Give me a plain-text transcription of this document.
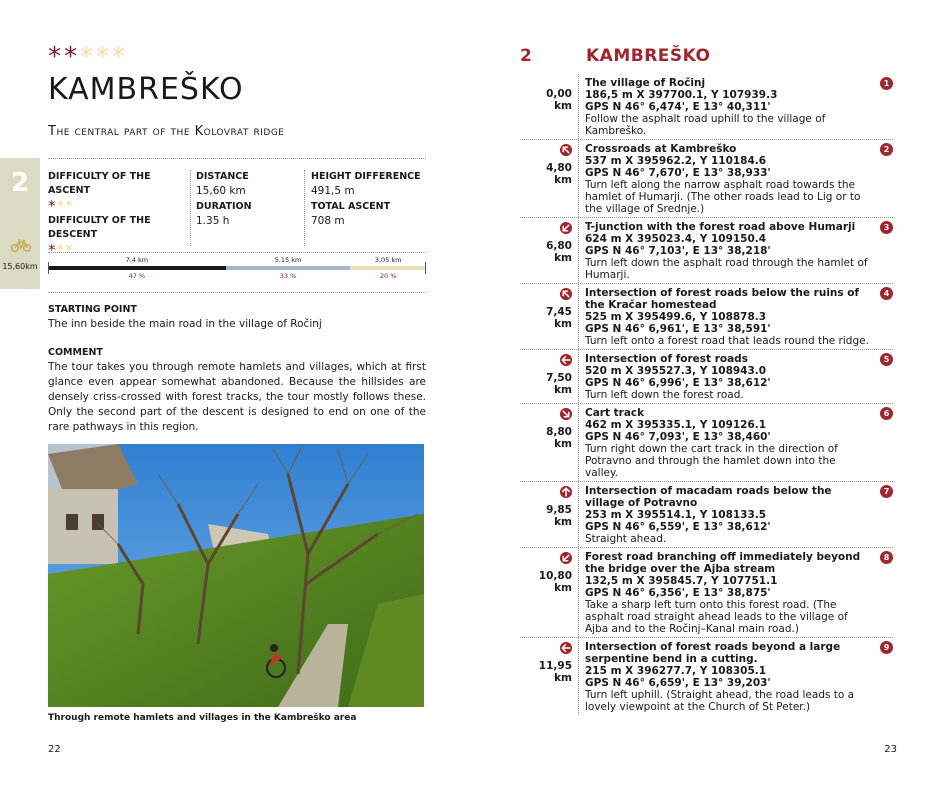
*****
KAMBREŠKO
The central part of the Kolovrat ridge
2
15,60km
DIFFICULTY OF THE ASCENT
***
DIFFICULTY OF THE DESCENT
***
DISTANCE
15,60 km
DURATION
1.35 h
HEIGHT DIFFERENCE
491,5 m
TOTAL ASCENT
708 m
7,4 km
47 %
5,15 km
33 %
3,05 km
20 %
STARTING POINT
The inn beside the main road in the village of Ročinj
COMMENT
The tour takes you through remote hamlets and villages, which at first glance even appear somewhat abandoned. Because the hillsides are densely criss-crossed with forest tracks, the tour mostly follows these. Only the second part of the descent is designed to end on one of the rare pathways in this region.
Through remote hamlets and villages in the Kambreško area
22
2	KAMBREŠKO
0,00
km
The village of Ročinj
186,5 m X 397700.1, Y 107939.3
GPS N 46° 6,474', E 13° 40,311'
Follow the asphalt road uphill to the village of Kambreško.
1
4,80
km
Crossroads at Kambreško
537 m X 395962.2, Y 110184.6
GPS N 46° 7,670', E 13° 38,933'
Turn left along the narrow asphalt road towards the hamlet of Humarji. (The other roads lead to Lig or to the village of Srednje.)
2
6,80
km
T-junction with the forest road above Humarji
624 m X 395023.4, Y 109150.4
GPS N 46° 7,103', E 13° 38,218'
Turn left down the asphalt road through the hamlet of Humarji.
3
7,45
km
Intersection of forest roads below the ruins of the Kračar homestead
525 m X 395499.6, Y 108878.3
GPS N 46° 6,961', E 13° 38,591'
Turn left onto a forest road that leads round the ridge.
4
7,50
km
Intersection of forest roads
520 m X 395527.3, Y 108943.0
GPS N 46° 6,996', E 13° 38,612'
Turn left down the forest road.
5
8,80
km
Cart track
462 m X 395335.1, Y 109126.1
GPS N 46° 7,093', E 13° 38,460'
Turn right down the cart track in the direction of Potravno and through the hamlet down into the valley.
6
9,85
km
Intersection of macadam roads below the village of Potravno
253 m X 395514.1, Y 108133.5
GPS N 46° 6,559', E 13° 38,612'
Straight ahead.
7
10,80
km
Forest road branching off immediately beyond the bridge over the Ajba stream
132,5 m X 395845.7, Y 107751.1
GPS N 46° 6,356', E 13° 38,875'
Take a sharp left turn onto this forest road. (The asphalt road straight ahead leads to the village of Ajba and to the Ročinj–Kanal main road.)
8
11,95
km
Intersection of forest roads beyond a large serpentine bend in a cutting.
215 m X 396277.7, Y 108305.1
GPS N 46° 6,659', E 13° 39,203'
Turn left uphill. (Straight ahead, the road leads to a lovely viewpoint at the Church of St Peter.)
9
23
